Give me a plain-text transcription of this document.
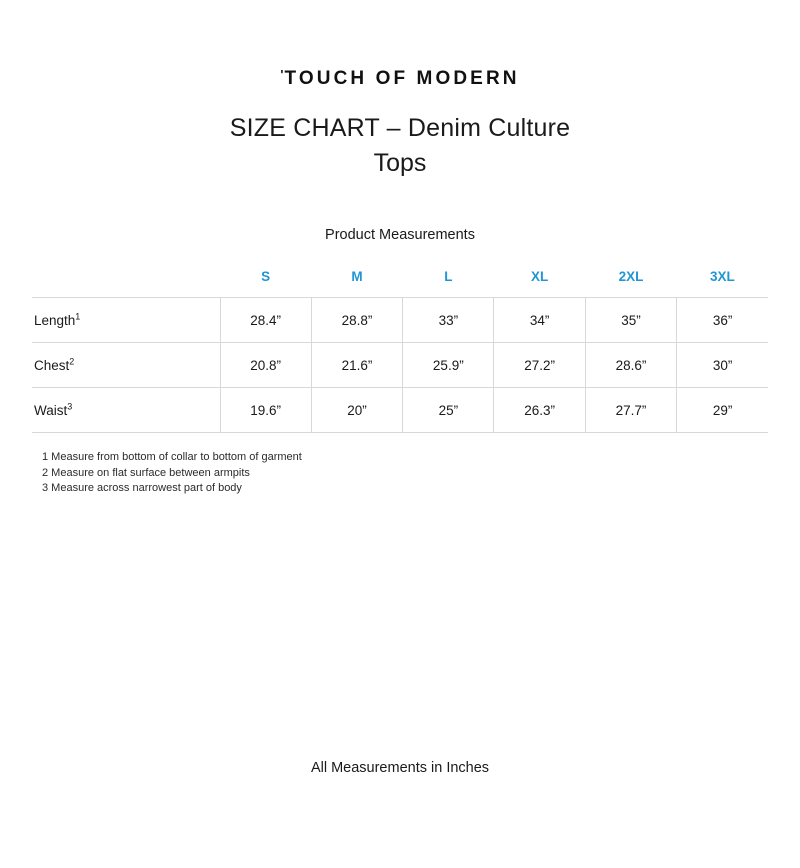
'TOUCH OF MODERN
SIZE CHART – Denim Culture
Tops
Product Measurements
	S	M	L	XL	2XL	3XL
Length$^1$	28.4”	28.8”	33”	34”	35”	36”
Chest$^2$	20.8”	21.6”	25.9”	27.2”	28.6”	30”
Waist$^3$	19.6”	20”	25”	26.3”	27.7”	29”
1 Measure from bottom of collar to bottom of garment
2 Measure on flat surface between armpits
3 Measure across narrowest part of body
All Measurements in Inches
